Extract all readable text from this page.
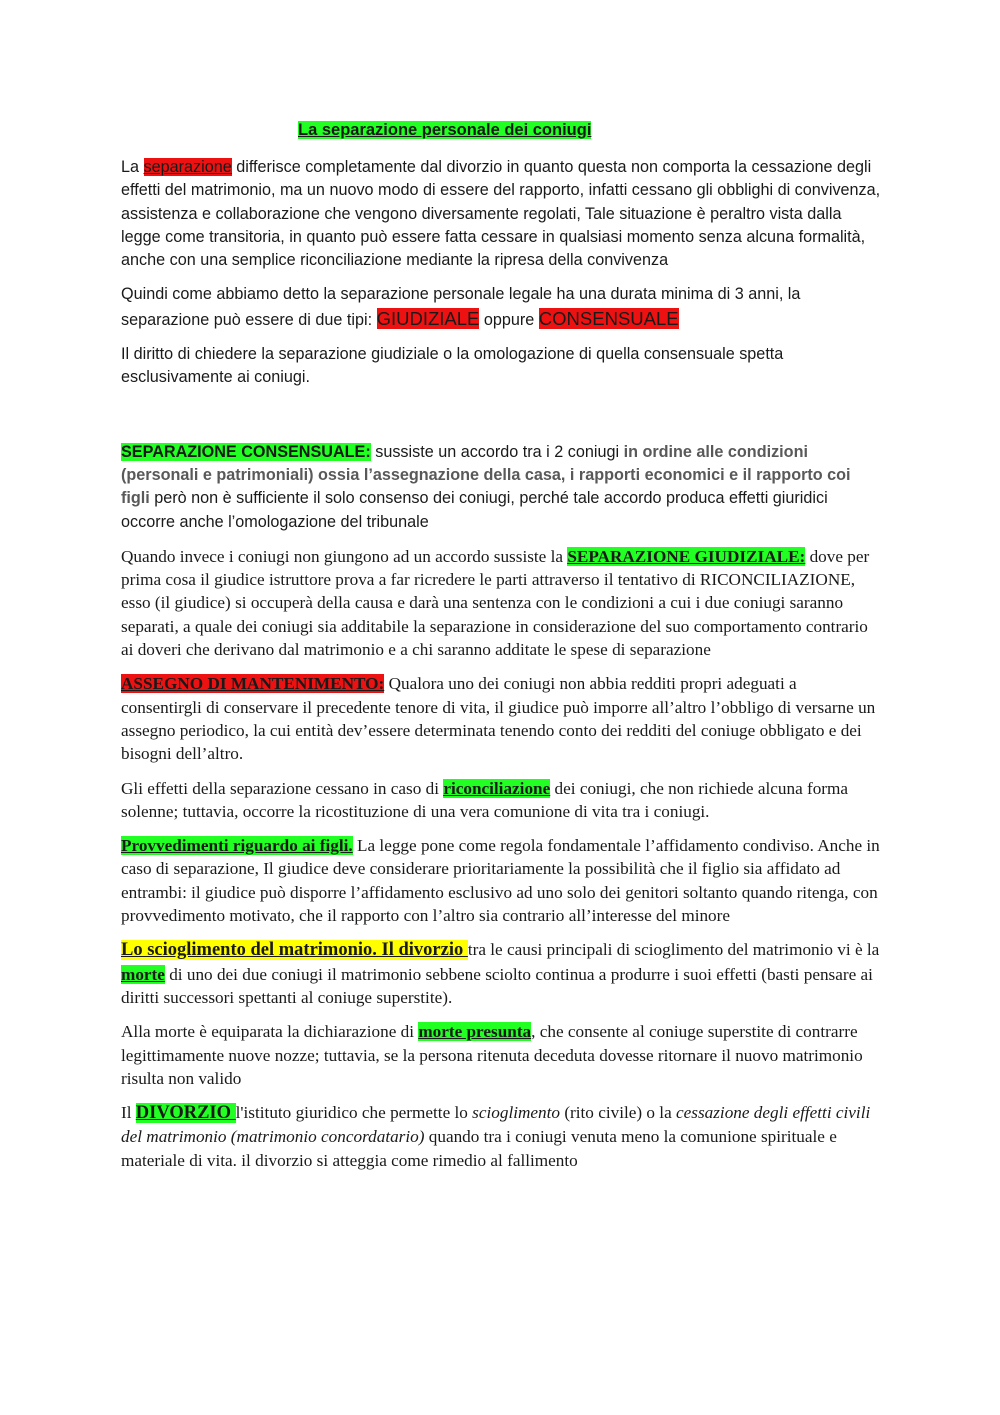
La separazione personale dei coniugi

La separazione differisce completamente dal divorzio in quanto questa non comporta la cessazione degli effetti del matrimonio, ma un nuovo modo di essere del rapporto, infatti cessano gli obblighi di convivenza, assistenza e collaborazione che vengono diversamente regolati, Tale situazione è peraltro vista dalla legge come transitoria, in quanto può essere fatta cessare in qualsiasi momento senza alcuna formalità, anche con una semplice riconciliazione mediante la ripresa della convivenza

Quindi come abbiamo detto la separazione personale legale ha una durata minima di 3 anni, la separazione può essere di due tipi: GIUDIZIALE oppure CONSENSUALE

Il diritto di chiedere la separazione giudiziale o la omologazione di quella consensuale spetta esclusivamente ai coniugi.

SEPARAZIONE CONSENSUALE: sussiste un accordo tra i 2 coniugi in ordine alle condizioni (personali e patrimoniali) ossia l’assegnazione della casa, i rapporti economici e il rapporto coi figli però non è sufficiente il solo consenso dei coniugi, perché tale accordo produca effetti giuridici occorre anche l’omologazione del tribunale

Quando invece i coniugi non giungono ad un accordo sussiste la SEPARAZIONE GIUDIZIALE: dove per prima cosa il giudice istruttore prova a far ricredere le parti attraverso il tentativo di RICONCILIAZIONE, esso (il giudice) si occuperà della causa e darà una sentenza con le condizioni a cui i due coniugi saranno separati, a quale dei coniugi sia additabile la separazione in considerazione del suo comportamento contrario ai doveri che derivano dal matrimonio e a chi saranno additate le spese di separazione

ASSEGNO DI MANTENIMENTO: Qualora uno dei coniugi non abbia redditi propri adeguati a consentirgli di conservare il precedente tenore di vita, il giudice può imporre all’altro l’obbligo di versarne un assegno periodico, la cui entità dev’essere determinata tenendo conto dei redditi del coniuge obbligato e dei bisogni dell’altro.

Gli effetti della separazione cessano in caso di riconciliazione dei coniugi, che non richiede alcuna forma solenne; tuttavia, occorre la ricostituzione di una vera comunione di vita tra i coniugi.

Provvedimenti riguardo ai figli. La legge pone come regola fondamentale l’affidamento condiviso. Anche in caso di separazione, Il giudice deve considerare prioritariamente la possibilità che il figlio sia affidato ad entrambi: il giudice può disporre l’affidamento esclusivo ad uno solo dei genitori soltanto quando ritenga, con provvedimento motivato, che il rapporto con l’altro sia contrario all’interesse del minore

Lo scioglimento del matrimonio. Il divorzio tra le causi principali di scioglimento del matrimonio vi è la morte di uno dei due coniugi il matrimonio sebbene sciolto continua a produrre i suoi effetti (basti pensare ai diritti successori spettanti al coniuge superstite).

Alla morte è equiparata la dichiarazione di morte presunta, che consente al coniuge superstite di contrarre legittimamente nuove nozze; tuttavia, se la persona ritenuta deceduta dovesse ritornare il nuovo matrimonio risulta non valido

Il DIVORZIO l'istituto giuridico che permette lo scioglimento (rito civile) o la cessazione degli effetti civili del matrimonio (matrimonio concordatario) quando tra i coniugi venuta meno la comunione spirituale e materiale di vita. il divorzio si atteggia come rimedio al fallimento
